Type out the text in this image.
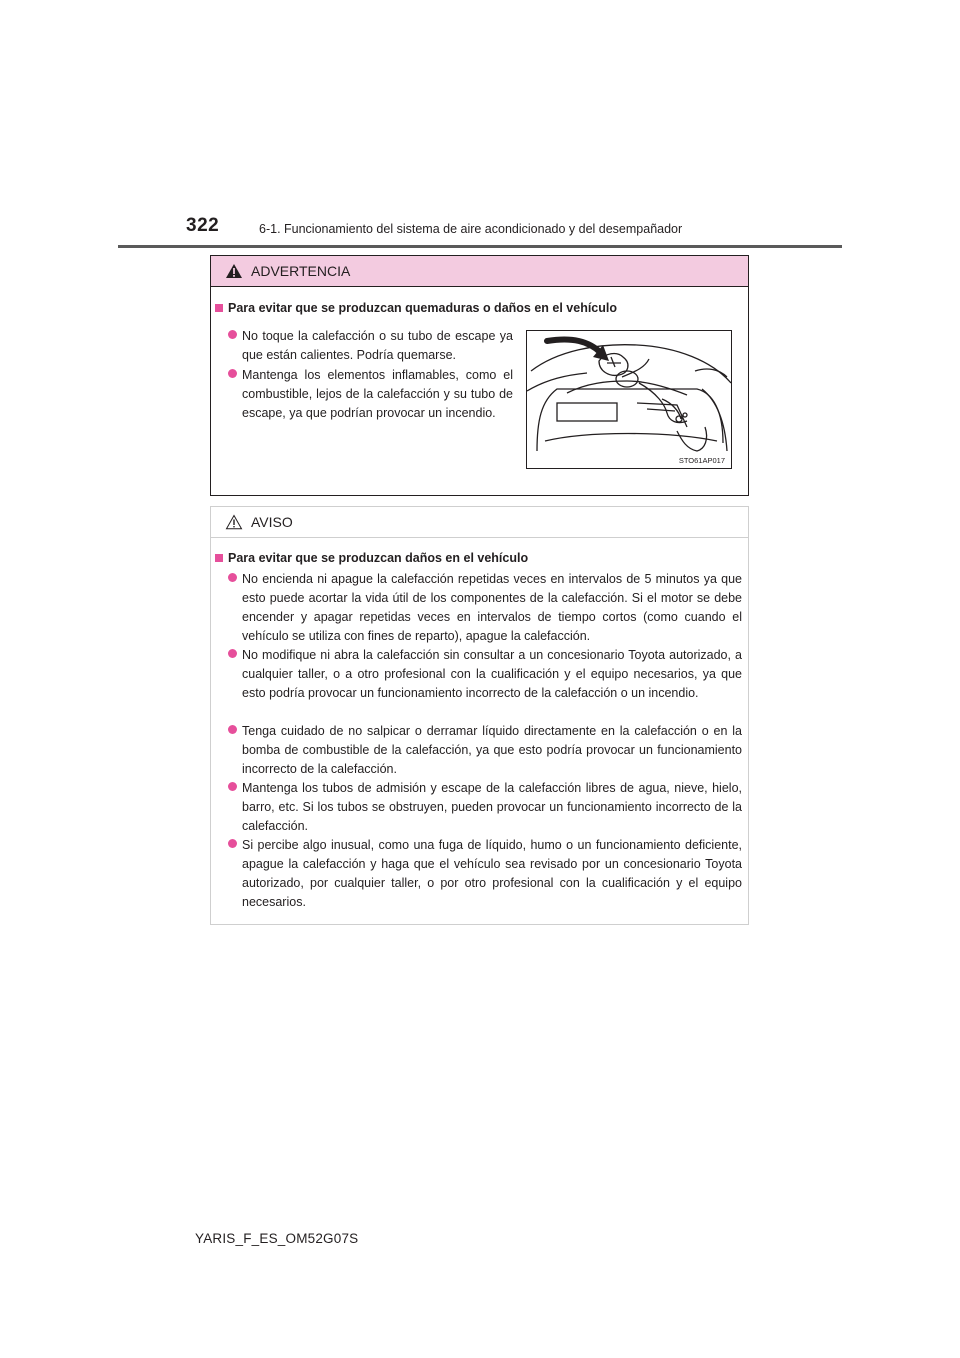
322	6-1. Funcionamiento del sistema de aire acondicionado y del desempañador
ADVERTENCIA
Para evitar que se produzcan quemaduras o daños en el vehículo
No toque la calefacción o su tubo de escape ya que están calientes. Podría quemarse.
Mantenga los elementos inflamables, como el combustible, lejos de la calefacción y su tubo de escape, ya que podrían provocar un incendio.
STO61AP017
AVISO
Para evitar que se produzcan daños en el vehículo
No encienda ni apague la calefacción repetidas veces en intervalos de 5 minutos ya que esto puede acortar la vida útil de los componentes de la calefacción. Si el motor se debe encender y apagar repetidas veces en intervalos de tiempo cortos (como cuando el vehículo se utiliza con fines de reparto), apague la calefacción.
No modifique ni abra la calefacción sin consultar a un concesionario Toyota autorizado, a cualquier taller, o a otro profesional con la cualificación y el equipo necesarios, ya que esto podría provocar un funcionamiento incorrecto de la calefacción o un incendio.
Tenga cuidado de no salpicar o derramar líquido directamente en la calefacción o en la bomba de combustible de la calefacción, ya que esto podría provocar un funcionamiento incorrecto de la calefacción.
Mantenga los tubos de admisión y escape de la calefacción libres de agua, nieve, hielo, barro, etc. Si los tubos se obstruyen, pueden provocar un funcionamiento incorrecto de la calefacción.
Si percibe algo inusual, como una fuga de líquido, humo o un funcionamiento deficiente, apague la calefacción y haga que el vehículo sea revisado por un concesionario Toyota autorizado, por cualquier taller, o por otro profesional con la cualificación y el equipo necesarios.
YARIS_F_ES_OM52G07S
